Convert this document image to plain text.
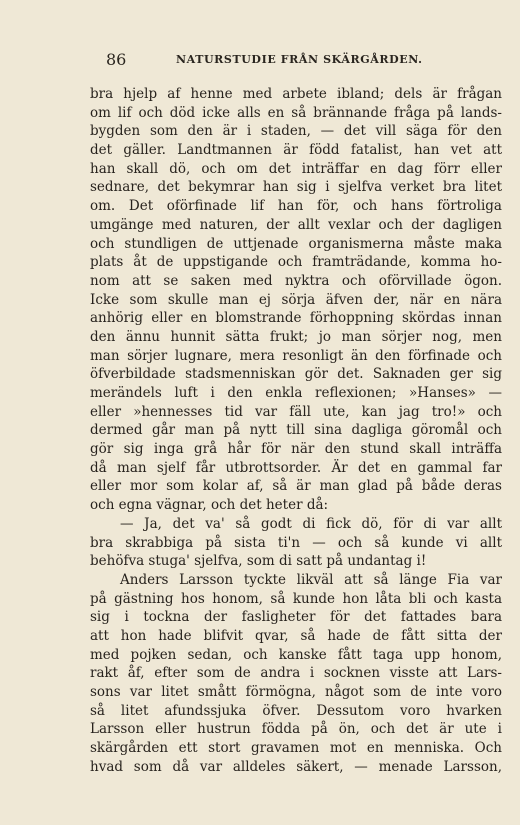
86	NATURSTUDIE FRÅN SKÄRGÅRDEN.
bra hjelp af henne med arbete ibland; dels är frågan
om lif och död icke alls en så brännande fråga på lands-
bygden som den är i staden, — det vill säga för den
det gäller. Landtmannen är född fatalist, han vet att
han skall dö, och om det inträffar en dag förr eller
sednare, det bekymrar han sig i sjelfva verket bra litet
om. Det oförfinade lif han för, och hans förtroliga
umgänge med naturen, der allt vexlar och der dagligen
och stundligen de uttjenade organismerna måste maka
plats åt de uppstigande och framträdande, komma ho-
nom att se saken med nyktra och oförvillade ögon.
Icke som skulle man ej sörja äfven der, när en nära
anhörig eller en blomstrande förhoppning skördas innan
den ännu hunnit sätta frukt; jo man sörjer nog, men
man sörjer lugnare, mera resonligt än den förfinade och
öfverbildade stadsmenniskan gör det. Saknaden ger sig
merändels luft i den enkla reflexionen; »Hanses» —
eller »hennesses tid var fäll ute, kan jag tro!» och
dermed går man på nytt till sina dagliga göromål och
gör sig inga grå hår för när den stund skall inträffa
då man sjelf får utbrottsorder. Är det en gammal far
eller mor som kolar af, så är man glad på både deras
och egna vägnar, och det heter då:
— Ja, det va' så godt di fick dö, för di var allt
bra skrabbiga på sista ti'n — och så kunde vi allt
behöfva stuga' sjelfva, som di satt på undantag i!
Anders Larsson tyckte likväl att så länge Fia var
på gästning hos honom, så kunde hon låta bli och kasta
sig i tockna der fasligheter för det fattades bara
att hon hade blifvit qvar, så hade de fått sitta der
med pojken sedan, och kanske fått taga upp honom,
rakt åf, efter som de andra i socknen visste att Lars-
sons var litet smått förmögna, något som de inte voro
så litet afundssjuka öfver. Dessutom voro hvarken
Larsson eller hustrun födda på ön, och det är ute i
skärgården ett stort gravamen mot en menniska. Och
hvad som då var alldeles säkert, — menade Larsson,
